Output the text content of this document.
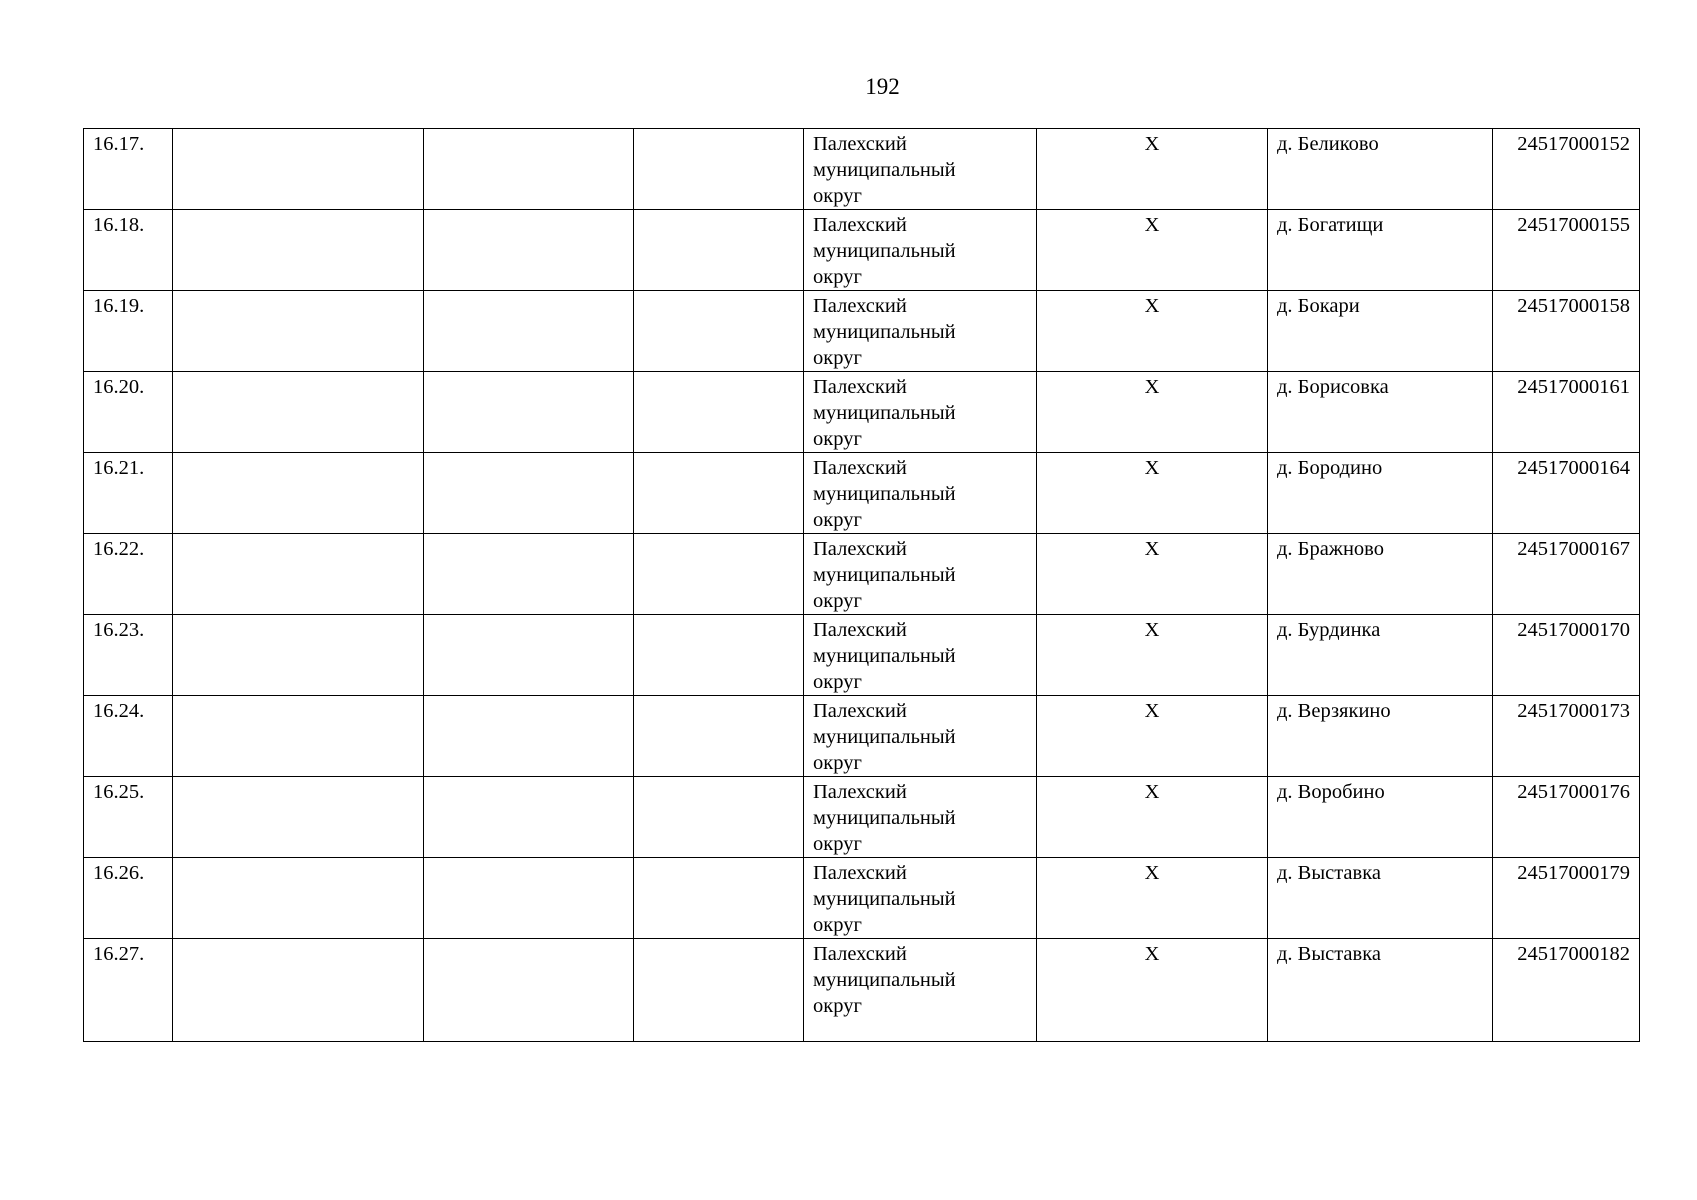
192
16.17.				Палехский
муниципальный
округ	Х	д. Беликово	24517000152
16.18.				Палехский
муниципальный
округ	Х	д. Богатищи	24517000155
16.19.				Палехский
муниципальный
округ	Х	д. Бокари	24517000158
16.20.				Палехский
муниципальный
округ	Х	д. Борисовка	24517000161
16.21.				Палехский
муниципальный
округ	Х	д. Бородино	24517000164
16.22.				Палехский
муниципальный
округ	Х	д. Бражново	24517000167
16.23.				Палехский
муниципальный
округ	Х	д. Бурдинка	24517000170
16.24.				Палехский
муниципальный
округ	Х	д. Верзякино	24517000173
16.25.				Палехский
муниципальный
округ	Х	д. Воробино	24517000176
16.26.				Палехский
муниципальный
округ	Х	д. Выставка	24517000179
16.27.				Палехский
муниципальный
округ	Х	д. Выставка	24517000182
